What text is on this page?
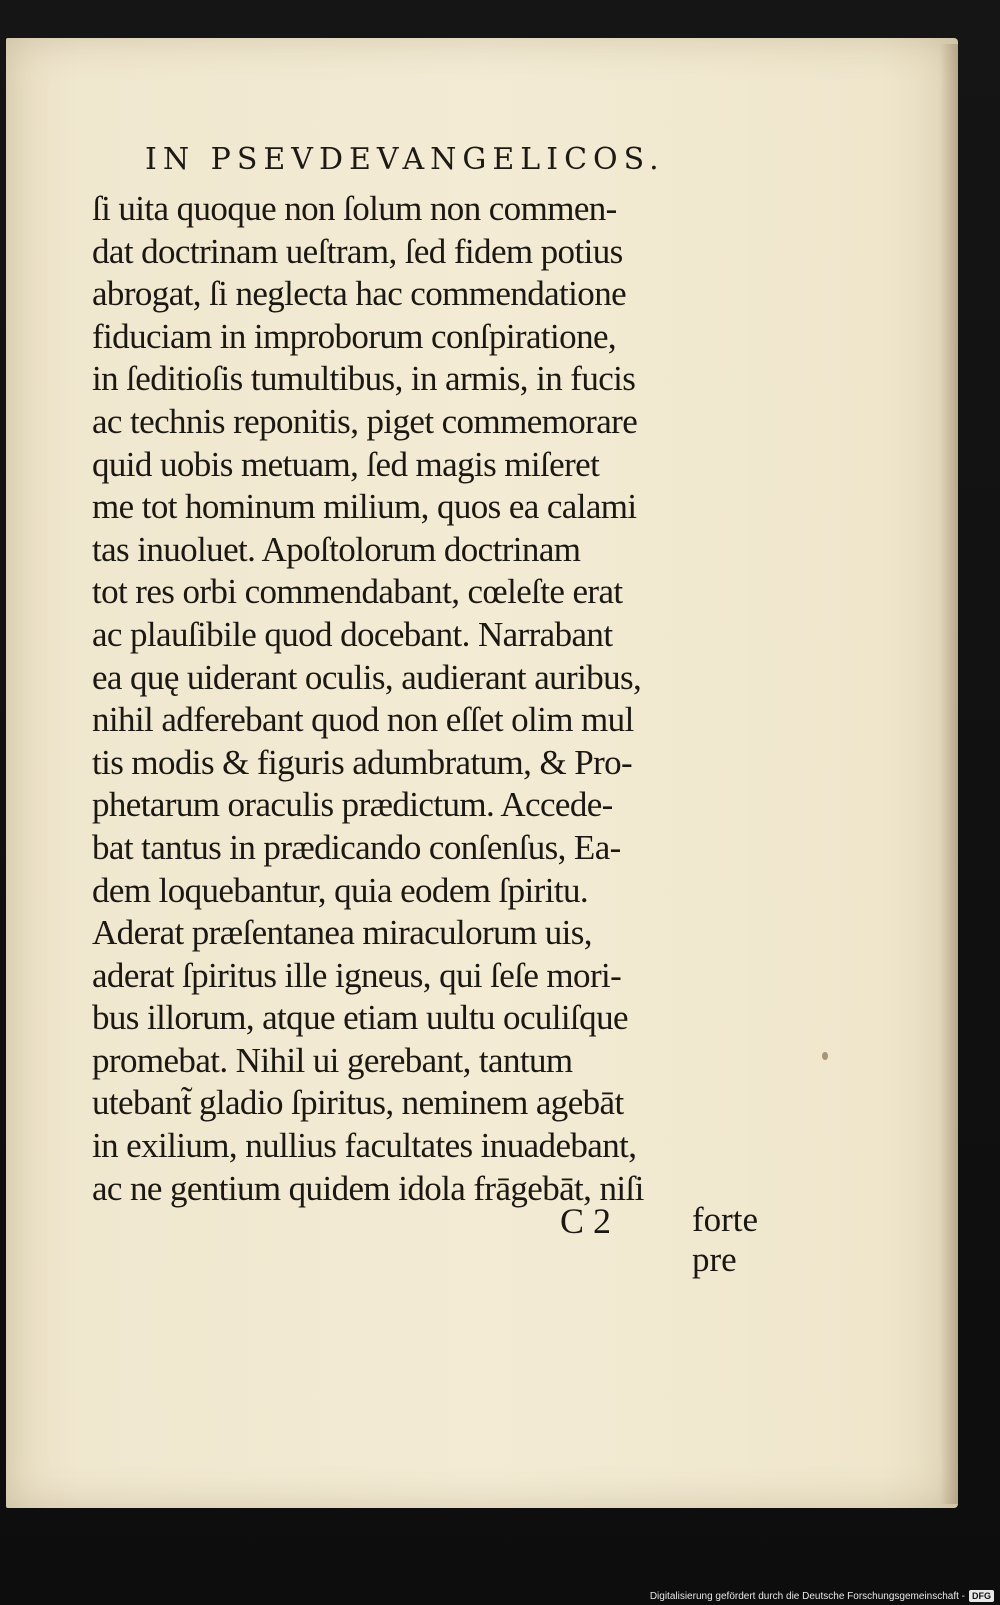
IN PSEVDEVANGELICOS.
ſi uita quoque non ſolum non commen-
dat doctrinam ueſtram, ſed fidem potius
abrogat, ſi neglecta hac commendatione
fiduciam in improborum conſpiratione,
in ſeditioſis tumultibus, in armis, in fucis
ac technis reponitis, piget commemorare
quid uobis metuam, ſed magis miſeret
me tot hominum milium, quos ea calami
tas inuoluet. Apoſtolorum doctrinam
tot res orbi commendabant, cœleſte erat
ac plauſibile quod docebant. Narrabant
ea quę uiderant oculis, audierant auribus,
nihil adferebant quod non eſſet olim mul
tis modis & figuris adumbratum, & Pro-
phetarum oraculis prædictum. Accede-
bat tantus in prædicando conſenſus, Ea-
dem loquebantur, quia eodem ſpiritu.
Aderat præſentanea miraculorum uis,
aderat ſpiritus ille igneus, qui ſeſe mori-
bus illorum, atque etiam uultu oculiſque
promebat. Nihil ui gerebant, tantum
utebant̃ gladio ſpiritus, neminem agebāt
in exilium, nullius facultates inuadebant,
ac ne gentium quidem idola frāgebāt, niſi
C 2 forte pre
Digitalisierung gefördert durch die Deutsche Forschungsgemeinschaft - DFG
